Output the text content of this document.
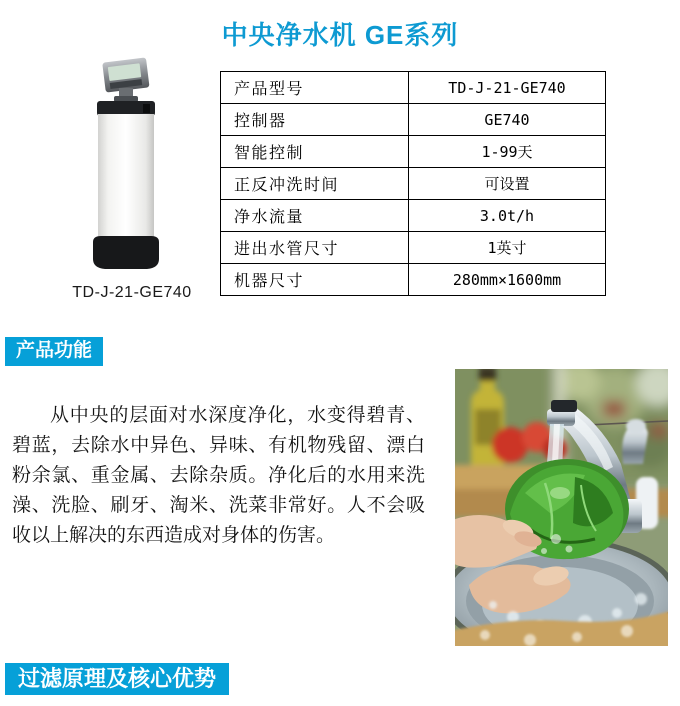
中央净水机 GE系列
TD-J-21-GE740
产品型号	TD-J-21-GE740
控制器	GE740
智能控制	1-99天
正反冲洗时间	可设置
净水流量	3.0t/h
进出水管尺寸	1英寸
机器尺寸	280mm×1600mm
产品功能

从中央的层面对水深度净化，水变得碧青、碧蓝，去除水中异色、异味、有机物残留、漂白粉余氯、重金属、去除杂质。净化后的水用来洗澡、洗脸、刷牙、淘米、洗菜非常好。人不会吸收以上解决的东西造成对身体的伤害。

过滤原理及核心优势
